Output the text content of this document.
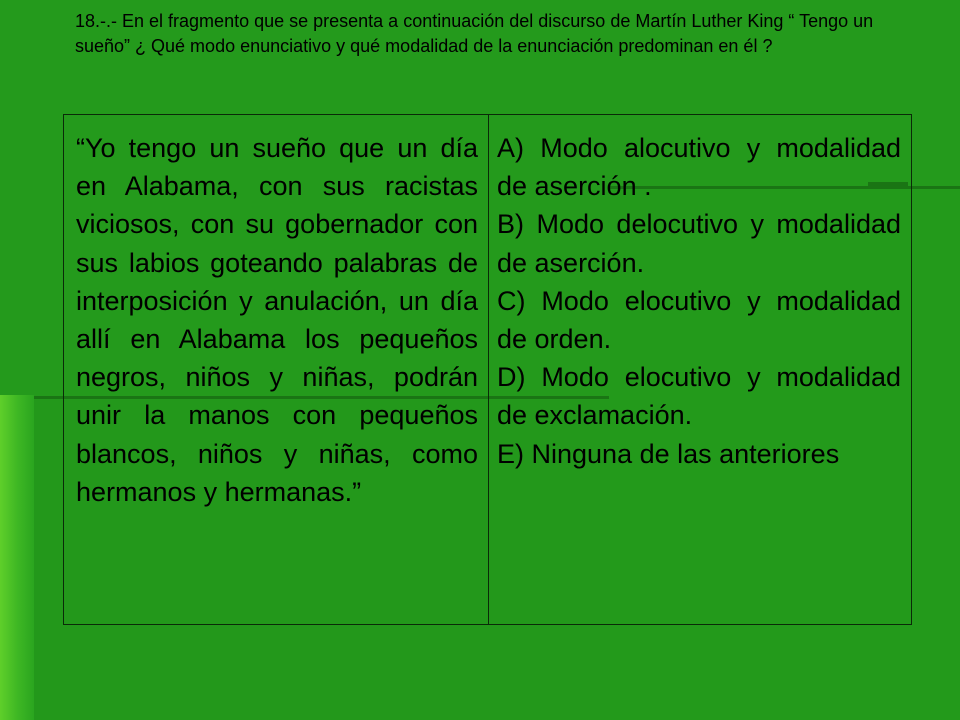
18.-.- En el fragmento que se presenta a continuación del discurso de Martín Luther King “ Tengo un sueño” ¿ Qué modo enunciativo y qué modalidad de la enunciación predominan en él ?

“Yo tengo un sueño que un día en Alabama, con sus racistas viciosos, con su gobernador con sus labios goteando palabras de interposición y anulación, un día allí en Alabama los pequeños negros, niños y niñas, podrán unir la manos con pequeños blancos, niños y niñas, como hermanos y hermanas.”

A) Modo alocutivo y modalidad de aserción .

B) Modo delocutivo y modalidad de aserción.

C) Modo elocutivo y modalidad de orden.

D) Modo elocutivo y modalidad de exclamación.

E) Ninguna de las anteriores
